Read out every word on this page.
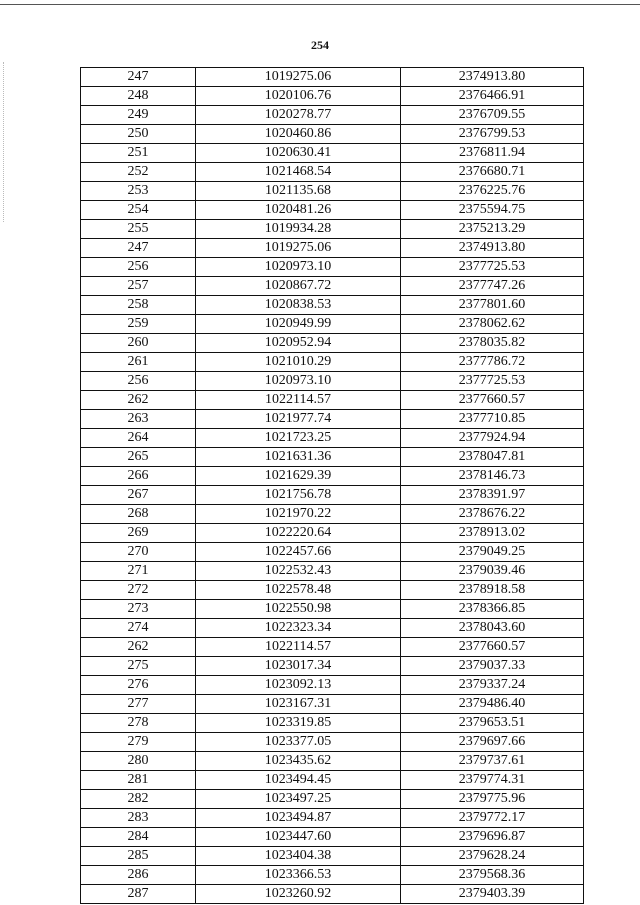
254
247	1019275.06	2374913.80
248	1020106.76	2376466.91
249	1020278.77	2376709.55
250	1020460.86	2376799.53
251	1020630.41	2376811.94
252	1021468.54	2376680.71
253	1021135.68	2376225.76
254	1020481.26	2375594.75
255	1019934.28	2375213.29
247	1019275.06	2374913.80
256	1020973.10	2377725.53
257	1020867.72	2377747.26
258	1020838.53	2377801.60
259	1020949.99	2378062.62
260	1020952.94	2378035.82
261	1021010.29	2377786.72
256	1020973.10	2377725.53
262	1022114.57	2377660.57
263	1021977.74	2377710.85
264	1021723.25	2377924.94
265	1021631.36	2378047.81
266	1021629.39	2378146.73
267	1021756.78	2378391.97
268	1021970.22	2378676.22
269	1022220.64	2378913.02
270	1022457.66	2379049.25
271	1022532.43	2379039.46
272	1022578.48	2378918.58
273	1022550.98	2378366.85
274	1022323.34	2378043.60
262	1022114.57	2377660.57
275	1023017.34	2379037.33
276	1023092.13	2379337.24
277	1023167.31	2379486.40
278	1023319.85	2379653.51
279	1023377.05	2379697.66
280	1023435.62	2379737.61
281	1023494.45	2379774.31
282	1023497.25	2379775.96
283	1023494.87	2379772.17
284	1023447.60	2379696.87
285	1023404.38	2379628.24
286	1023366.53	2379568.36
287	1023260.92	2379403.39
